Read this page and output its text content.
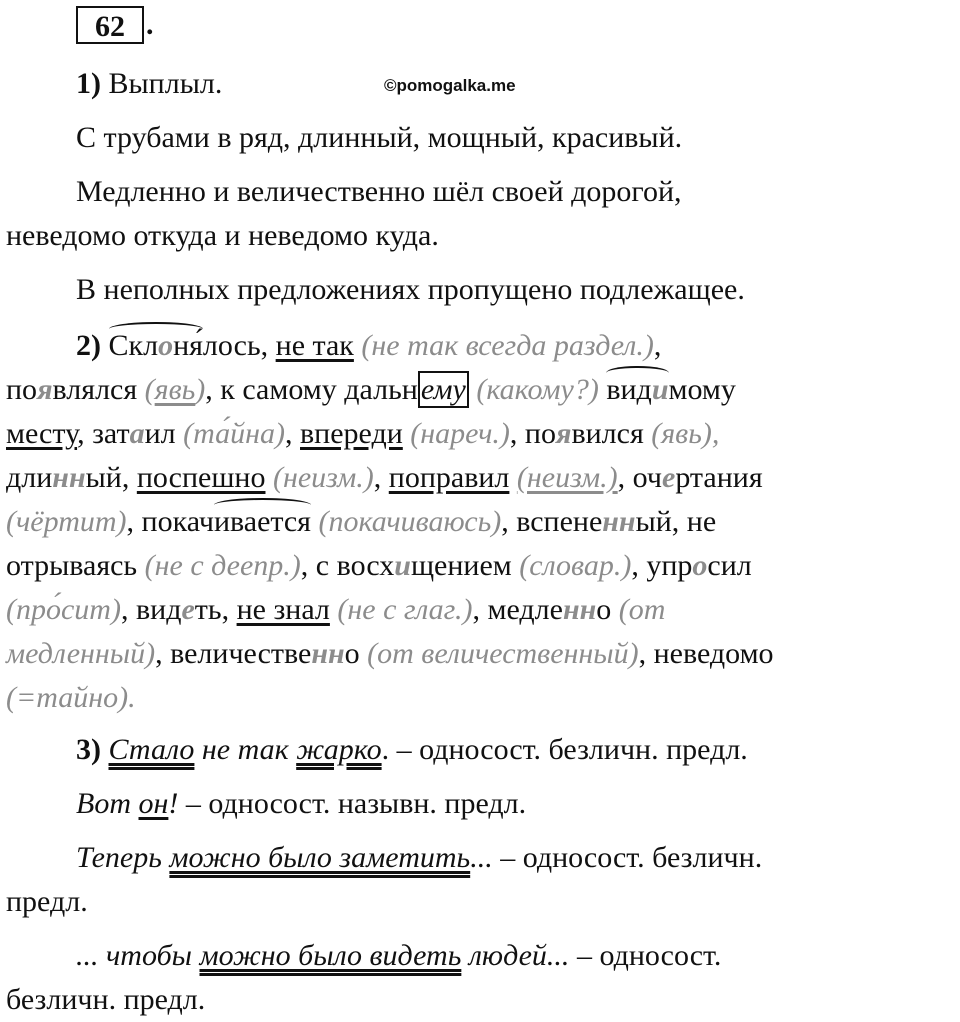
62 .
©pomogalka.me
1) Выплыл.
С трубами в ряд, длинный, мощный, красивый.
Медленно и величественно шёл своей дорогой,
неведомо откуда и неведомо куда.
В неполных предложениях пропущено подлежащее.
2) Склоня́лось, не так (не так всегда раздел.),
появлялся (явь), к самому дальн ему (какому?) видимому
месту, затаил (та́йна), впереди (нареч.), появился (явь),
длинный, поспешно (неизм.), поправил (неизм.), очертания
(чёртит), покачивается (покачиваюсь), вспененный, не
отрываясь (не с деепр.), с восхищением (словар.), упросил
(про́сит), видеть, не знал (не с глаг.), медленно (от
медленный), величественно (от величественный), неведомо
(=тайно).
3) Стало не так жарко. – односост. безличн. предл.
Вот он! – односост. назывн. предл.
Теперь можно было заметить... – односост. безличн.
предл.
... чтобы можно было видеть людей... – односост.
безличн. предл.
